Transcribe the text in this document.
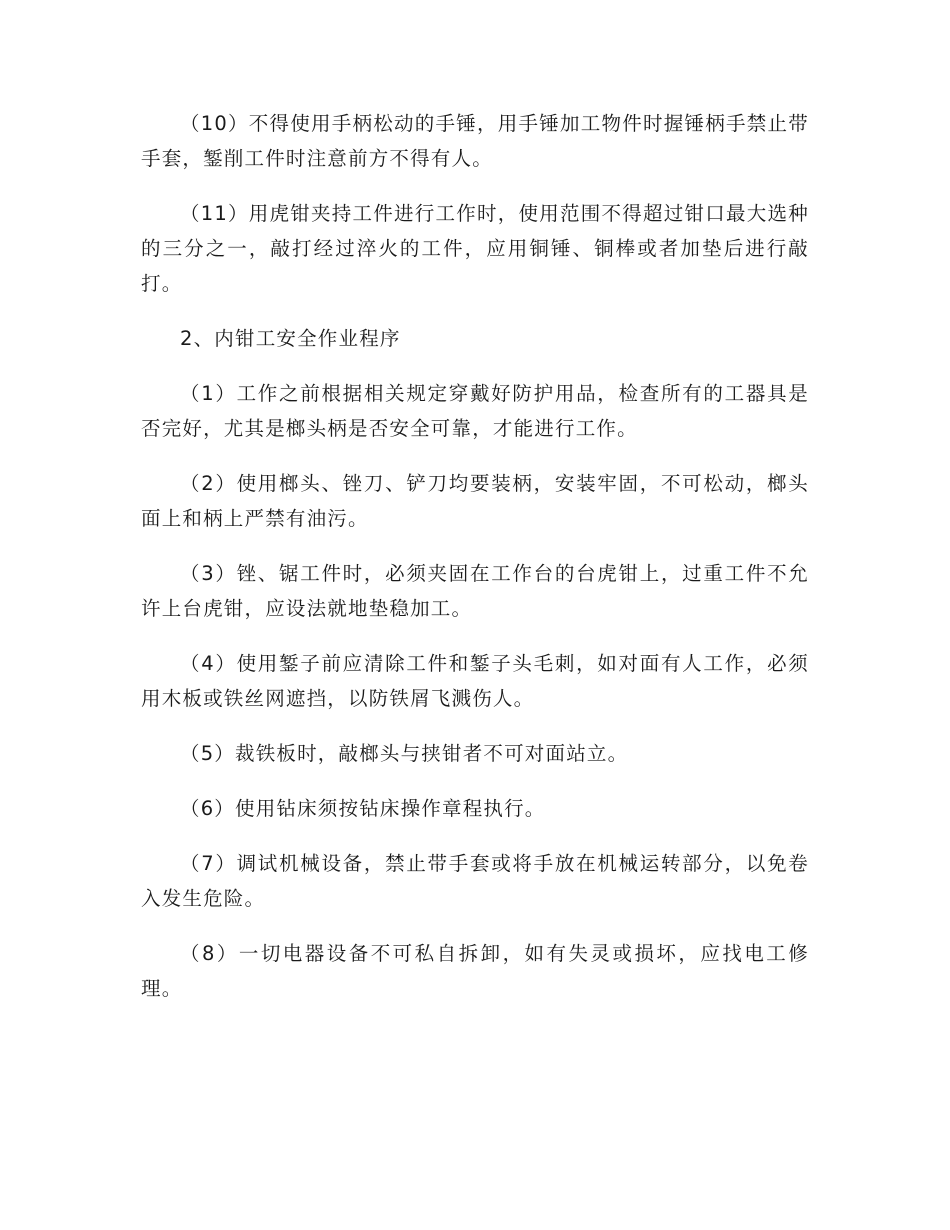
（10）不得使用手柄松动的手锤，用手锤加工物件时握锤柄手禁止带手套，錾削工件时注意前方不得有人。

（11）用虎钳夹持工件进行工作时，使用范围不得超过钳口最大选种的三分之一，敲打经过淬火的工件，应用铜锤、铜棒或者加垫后进行敲打。

2、内钳工安全作业程序

（1）工作之前根据相关规定穿戴好防护用品，检查所有的工器具是否完好，尤其是榔头柄是否安全可靠，才能进行工作。

（2）使用榔头、锉刀、铲刀均要装柄，安装牢固，不可松动，榔头面上和柄上严禁有油污。

（3）锉、锯工件时，必须夹固在工作台的台虎钳上，过重工件不允许上台虎钳，应设法就地垫稳加工。

（4）使用錾子前应清除工件和錾子头毛刺，如对面有人工作，必须用木板或铁丝网遮挡，以防铁屑飞溅伤人。

（5）裁铁板时，敲榔头与挟钳者不可对面站立。

（6）使用钻床须按钻床操作章程执行。

（7）调试机械设备，禁止带手套或将手放在机械运转部分，以免卷入发生危险。

（8）一切电器设备不可私自拆卸，如有失灵或损坏，应找电工修理。
